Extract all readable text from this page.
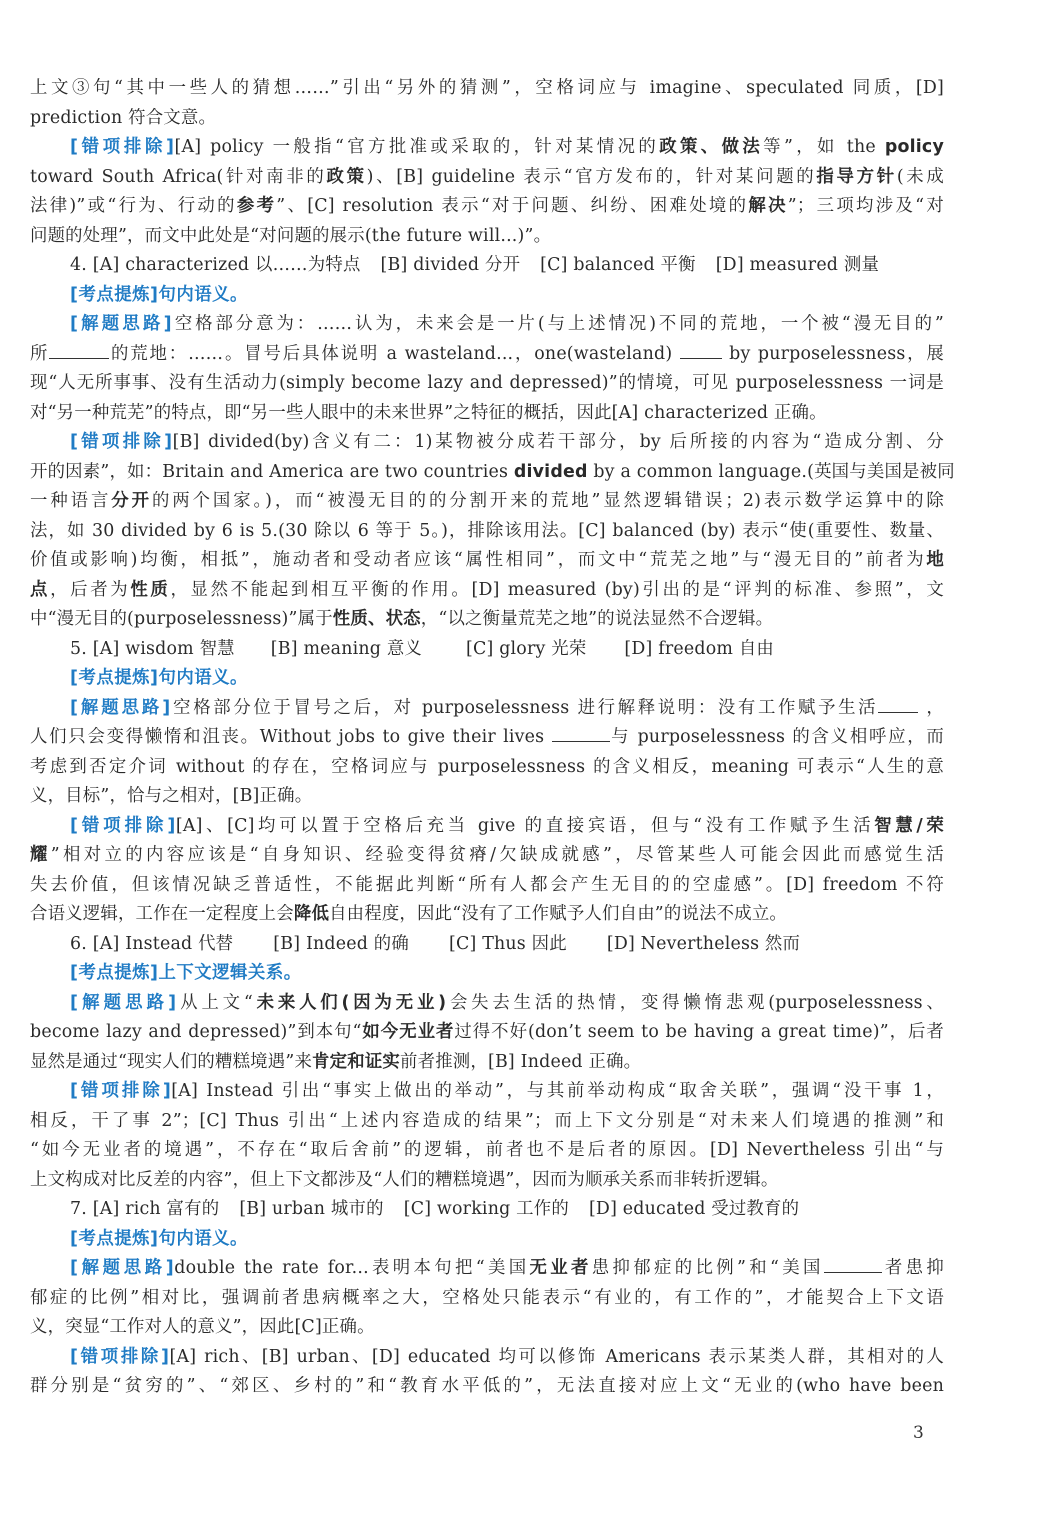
上文③句“其中一些人的猜想……”引出“另外的猜测”，空格词应与 imagine、speculated 同质，[D]
prediction 符合文意。
[错项排除][A] policy 一般指“官方批准或采取的，针对某情况的政策、做法等”，如 the policy
toward South Africa(针对南非的政策)、[B] guideline 表示“官方发布的，针对某问题的指导方针(未成
法律)”或“行为、行动的参考”、[C] resolution 表示“对于问题、纠纷、困难处境的解决”；三项均涉及“对
问题的处理”，而文中此处是“对问题的展示(the future will...)”。
4. [A] characterized 以……为特点 [B] divided 分开 [C] balanced 平衡 [D] measured 测量
[考点提炼]句内语义。
[解题思路]空格部分意为：……认为，未来会是一片(与上述情况)不同的荒地，一个被“漫无目的”
所	的荒地：……。冒号后具体说明 a wasteland...，one(wasteland)	by purposelessness，展
现“人无所事事、没有生活动力(simply become lazy and depressed)”的情境，可见 purposelessness 一词是
对“另一种荒芜”的特点，即“另一些人眼中的未来世界”之特征的概括，因此[A] characterized 正确。
[错项排除][B] divided(by)含义有二：1)某物被分成若干部分，by 后所接的内容为“造成分割、分
开的因素”，如：Britain and America are two countries divided by a common language.(英国与美国是被同
一种语言分开的两个国家。)，而“被漫无目的的分割开来的荒地”显然逻辑错误；2)表示数学运算中的除
法，如 30 divided by 6 is 5.(30 除以 6 等于 5。)，排除该用法。[C] balanced (by) 表示“使(重要性、数量、
价值或影响)均衡，相抵”，施动者和受动者应该“属性相同”，而文中“荒芜之地”与“漫无目的”前者为地
点，后者为性质，显然不能起到相互平衡的作用。[D] measured (by)引出的是“评判的标准、参照”，文
中“漫无目的(purposelessness)”属于性质、状态，“以之衡量荒芜之地”的说法显然不合逻辑。
5. [A] wisdom 智慧 [B] meaning 意义	[C] glory 光荣 [D] freedom 自由
[考点提炼]句内语义。
[解题思路]空格部分位于冒号之后，对 purposelessness 进行解释说明：没有工作赋予生活	，
人们只会变得懒惰和沮丧。Without jobs to give their lives	与 purposelessness 的含义相呼应，而
考虑到否定介词 without 的存在，空格词应与 purposelessness 的含义相反，meaning 可表示“人生的意
义，目标”，恰与之相对，[B]正确。
[错项排除][A]、[C]均可以置于空格后充当 give 的直接宾语，但与“没有工作赋予生活智慧/荣
耀”相对立的内容应该是“自身知识、经验变得贫瘠/欠缺成就感”，尽管某些人可能会因此而感觉生活
失去价值，但该情况缺乏普适性，不能据此判断“所有人都会产生无目的的空虚感”。[D] freedom 不符
合语义逻辑，工作在一定程度上会降低自由程度，因此“没有了工作赋予人们自由”的说法不成立。
6. [A] Instead 代替 [B] Indeed 的确 [C] Thus 因此 [D] Nevertheless 然而
[考点提炼]上下文逻辑关系。
[解题思路]从上文“未来人们(因为无业)会失去生活的热情，变得懒惰悲观(purposelessness、
become lazy and depressed)”到本句“如今无业者过得不好(don’t seem to be having a great time)”，后者
显然是通过“现实人们的糟糕境遇”来肯定和证实前者推测，[B] Indeed 正确。
[错项排除][A] Instead 引出“事实上做出的举动”，与其前举动构成“取舍关联”，强调“没干事 1，
相反，干了事 2”；[C] Thus 引出“上述内容造成的结果”；而上下文分别是“对未来人们境遇的推测”和
“如今无业者的境遇”，不存在“取后舍前”的逻辑，前者也不是后者的原因。[D] Nevertheless 引出“与
上文构成对比反差的内容”，但上下文都涉及“人们的糟糕境遇”，因而为顺承关系而非转折逻辑。
7. [A] rich 富有的 [B] urban 城市的 [C] working 工作的 [D] educated 受过教育的
[考点提炼]句内语义。
[解题思路]double the rate for...表明本句把“美国无业者患抑郁症的比例”和“美国	者患抑
郁症的比例”相对比，强调前者患病概率之大，空格处只能表示“有业的，有工作的”，才能契合上下文语
义，突显“工作对人的意义”，因此[C]正确。
[错项排除][A] rich、[B] urban、[D] educated 均可以修饰 Americans 表示某类人群，其相对的人
群分别是“贫穷的”、“郊区、乡村的”和“教育水平低的”，无法直接对应上文“无业的(who have been
3
